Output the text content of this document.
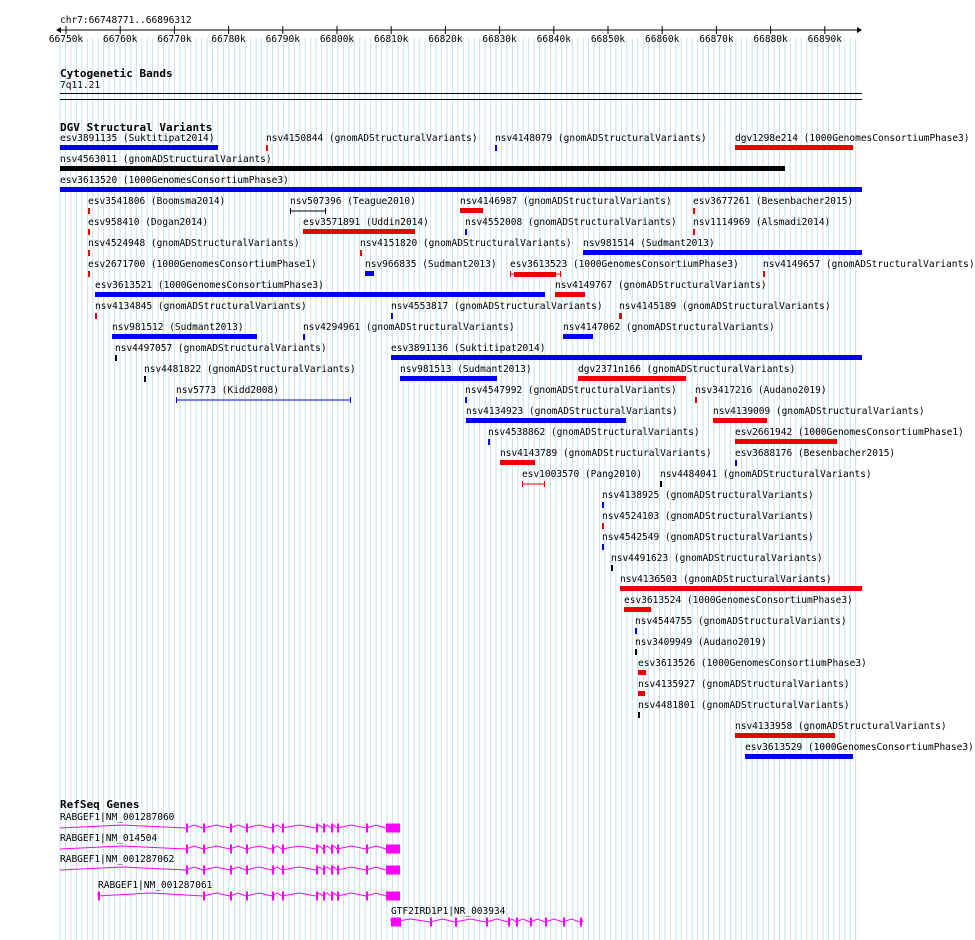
chr7:66748771..66896312
66750k 66760k 66770k 66780k 66790k 66800k 66810k 66820k 66830k 66840k 66850k 66860k 66870k 66880k 66890k
Cytogenetic Bands
7q11.21
DGV Structural Variants
esv3891135 (Suktitipat2014)	nsv4150844 (gnomADStructuralVariants) nsv4148079 (gnomADStructuralVariants)	dgv1298e214 (1000GenomesConsortiumPhase3)
nsv4563011 (gnomADStructuralVariants)
esv3613520 (1000GenomesConsortiumPhase3)
esv3541806 (Boomsma2014)	nsv507396 (Teague2010)	nsv4146987 (gnomADStructuralVariants) esv3677261 (Besenbacher2015)
esv958410 (Dogan2014)	esv3571891 (Uddin2014)	nsv4552008 (gnomADStructuralVariants) nsv1114969 (Alsmadi2014)
nsv4524948 (gnomADStructuralVariants)	nsv4151820 (gnomADStructuralVariants) nsv981514 (Sudmant2013)
esv2671700 (1000GenomesConsortiumPhase1)	nsv966835 (Sudmant2013) esv3613523 (1000GenomesConsortiumPhase3)	nsv4149657 (gnomADStructuralVariants)
esv3613521 (1000GenomesConsortiumPhase3)	nsv4149767 (gnomADStructuralVariants)
nsv4134845 (gnomADStructuralVariants)	nsv4553817 (gnomADStructuralVariants) nsv4145189 (gnomADStructuralVariants)
nsv981512 (Sudmant2013)	nsv4294961 (gnomADStructuralVariants)	nsv4147062 (gnomADStructuralVariants)
nsv4497057 (gnomADStructuralVariants)	esv3891136 (Suktitipat2014)
nsv4481822 (gnomADStructuralVariants)	nsv981513 (Sudmant2013)	dgv2371n166 (gnomADStructuralVariants)
nsv5773 (Kidd2008)	nsv4547992 (gnomADStructuralVariants) nsv3417216 (Audano2019)
nsv4134923 (gnomADStructuralVariants)	nsv4139009 (gnomADStructuralVariants)
nsv4538862 (gnomADStructuralVariants)	esv2661942 (1000GenomesConsortiumPhase1)
nsv4143789 (gnomADStructuralVariants) esv3688176 (Besenbacher2015)
esv1003570 (Pang2010) nsv4484041 (gnomADStructuralVariants)
nsv4138925 (gnomADStructuralVariants)
nsv4524103 (gnomADStructuralVariants)
nsv4542549 (gnomADStructuralVariants)
nsv4491623 (gnomADStructuralVariants)
nsv4136503 (gnomADStructuralVariants)
esv3613524 (1000GenomesConsortiumPhase3)
nsv4544755 (gnomADStructuralVariants)
nsv3409949 (Audano2019)
esv3613526 (1000GenomesConsortiumPhase3)
nsv4135927 (gnomADStructuralVariants)
nsv4481801 (gnomADStructuralVariants)
nsv4133958 (gnomADStructuralVariants)
esv3613529 (1000GenomesConsortiumPhase3)
RefSeq Genes
RABGEF1|NM_001287060
RABGEF1|NM_014504
RABGEF1|NM_001287062
RABGEF1|NM_001287061
GTF2IRD1P1|NR_003934
